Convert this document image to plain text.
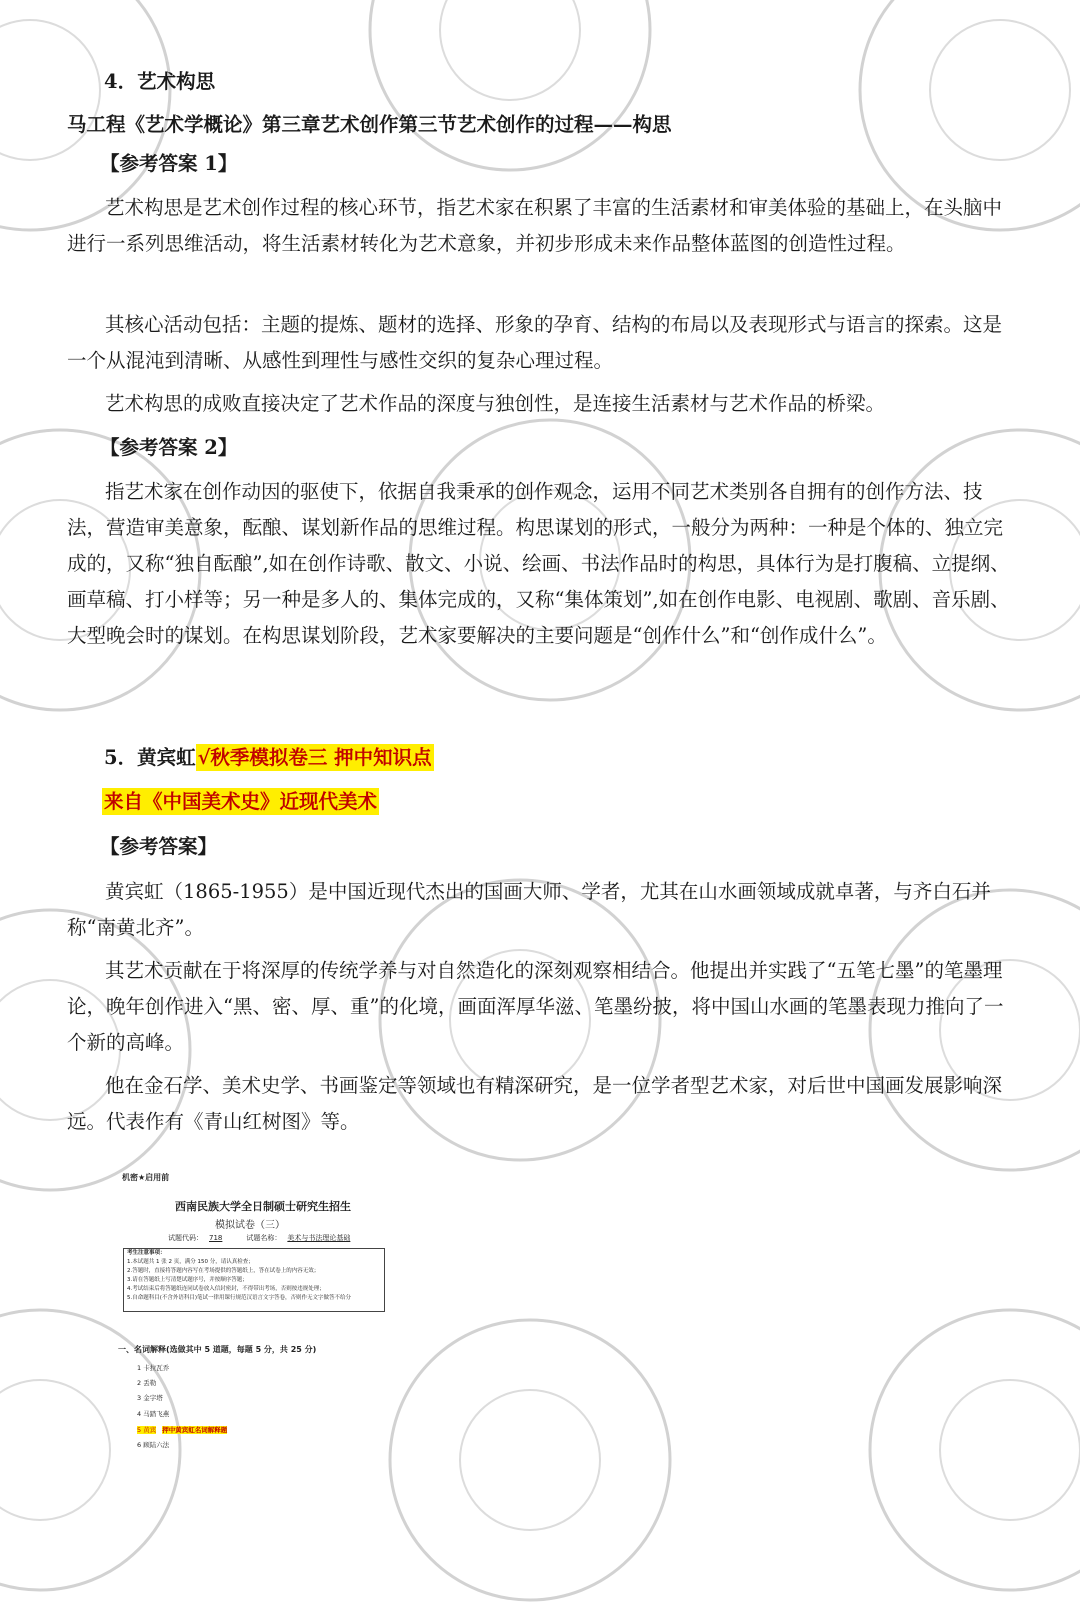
4．艺术构思
马工程《艺术学概论》第三章艺术创作第三节艺术创作的过程——构思
【参考答案 1】
艺术构思是艺术创作过程的核心环节，指艺术家在积累了丰富的生活素材和审美体验的基础上，在头脑中进行一系列思维活动，将生活素材转化为艺术意象，并初步形成未来作品整体蓝图的创造性过程。
其核心活动包括：主题的提炼、题材的选择、形象的孕育、结构的布局以及表现形式与语言的探索。这是一个从混沌到清晰、从感性到理性与感性交织的复杂心理过程。
艺术构思的成败直接决定了艺术作品的深度与独创性，是连接生活素材与艺术作品的桥梁。
【参考答案 2】
指艺术家在创作动因的驱使下，依据自我秉承的创作观念，运用不同艺术类别各自拥有的创作方法、技法，营造审美意象，酝酿、谋划新作品的思维过程。构思谋划的形式，一般分为两种：一种是个体的、独立完成的，又称“独自酝酿”,如在创作诗歌、散文、小说、绘画、书法作品时的构思，具体行为是打腹稿、立提纲、画草稿、打小样等；另一种是多人的、集体完成的，又称“集体策划”,如在创作电影、电视剧、歌剧、音乐剧、大型晚会时的谋划。在构思谋划阶段，艺术家要解决的主要问题是“创作什么”和“创作成什么”。
5．黄宾虹 √秋季模拟卷三 押中知识点
来自《中国美术史》近现代美术
【参考答案】
黄宾虹（1865-1955）是中国近现代杰出的国画大师、学者，尤其在山水画领域成就卓著，与齐白石并称“南黄北齐”。
其艺术贡献在于将深厚的传统学养与对自然造化的深刻观察相结合。他提出并实践了“五笔七墨”的笔墨理论，晚年创作进入“黑、密、厚、重”的化境，画面浑厚华滋、笔墨纷披，将中国山水画的笔墨表现力推向了一个新的高峰。
他在金石学、美术史学、书画鉴定等领域也有精深研究，是一位学者型艺术家，对后世中国画发展影响深远。代表作有《青山红树图》等。
机密★启用前
西南民族大学全日制硕士研究生招生
模拟试卷（三）
试题代码： 718	试题名称： 美术与书法理论基础
考生注意事项：
1.本试题共 1 张 2 页，满分 150 分，请认真检查；
2.答题时，直接将答题内容写在考场提供的答题纸上，答在试卷上的内容无效；
3.请在答题纸上写清楚试题序号，并按顺序答题；
4.考试结束后将答题纸连同试卷放入信封密封，不得带出考场，否则按违规处理；
5.自命题科目(不含外语科目)笔试一律用课行规范汉语言文字答卷，否则作无文字做答不给分
一、名词解释(选做其中 5 道题，每题 5 分，共 25 分)
1 卡拉瓦乔
2 丢勒
3 金字塔
4 马踏飞燕
5 黄宾 押中黄宾虹名词解释题
6 顾陆六法
